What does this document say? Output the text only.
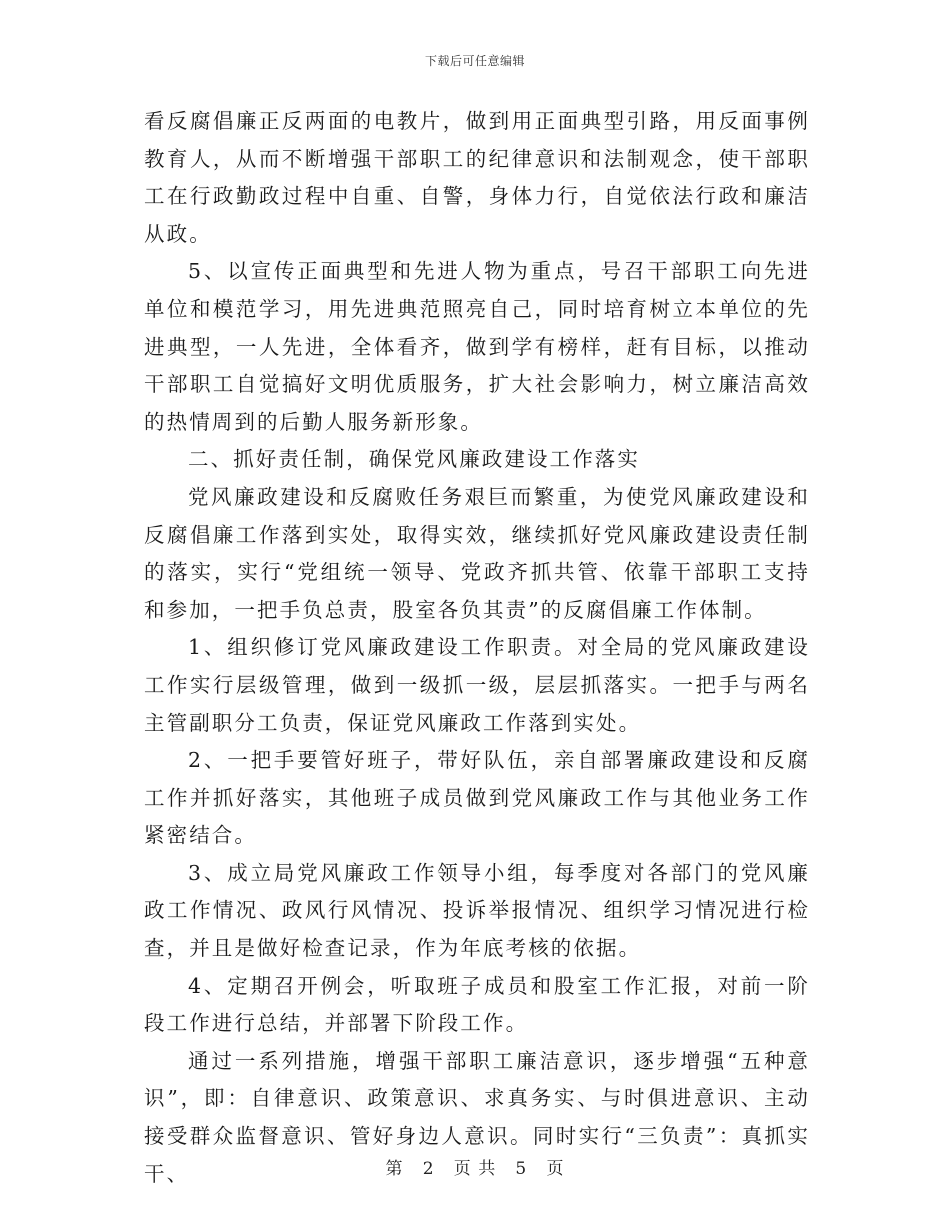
下载后可任意编辑

看反腐倡廉正反两面的电教片，做到用正面典型引路，用反面事例教育人，从而不断增强干部职工的纪律意识和法制观念，使干部职工在行政勤政过程中自重、自警，身体力行，自觉依法行政和廉洁从政。

5、以宣传正面典型和先进人物为重点，号召干部职工向先进单位和模范学习，用先进典范照亮自己，同时培育树立本单位的先进典型，一人先进，全体看齐，做到学有榜样，赶有目标，以推动干部职工自觉搞好文明优质服务，扩大社会影响力，树立廉洁高效的热情周到的后勤人服务新形象。

二、抓好责任制，确保党风廉政建设工作落实

党风廉政建设和反腐败任务艰巨而繁重，为使党风廉政建设和反腐倡廉工作落到实处，取得实效，继续抓好党风廉政建设责任制的落实，实行“党组统一领导、党政齐抓共管、依靠干部职工支持和参加，一把手负总责，股室各负其责”的反腐倡廉工作体制。

1、组织修订党风廉政建设工作职责。对全局的党风廉政建设工作实行层级管理，做到一级抓一级，层层抓落实。一把手与两名主管副职分工负责，保证党风廉政工作落到实处。

2、一把手要管好班子，带好队伍，亲自部署廉政建设和反腐工作并抓好落实，其他班子成员做到党风廉政工作与其他业务工作紧密结合。

3、成立局党风廉政工作领导小组，每季度对各部门的党风廉政工作情况、政风行风情况、投诉举报情况、组织学习情况进行检查，并且是做好检查记录，作为年底考核的依据。

4、定期召开例会，听取班子成员和股室工作汇报，对前一阶段工作进行总结，并部署下阶段工作。

通过一系列措施，增强干部职工廉洁意识，逐步增强“五种意识”，即：自律意识、政策意识、求真务实、与时俱进意识、主动接受群众监督意识、管好身边人意识。同时实行“三负责”：真抓实干、	第 2 页 共 5 页
